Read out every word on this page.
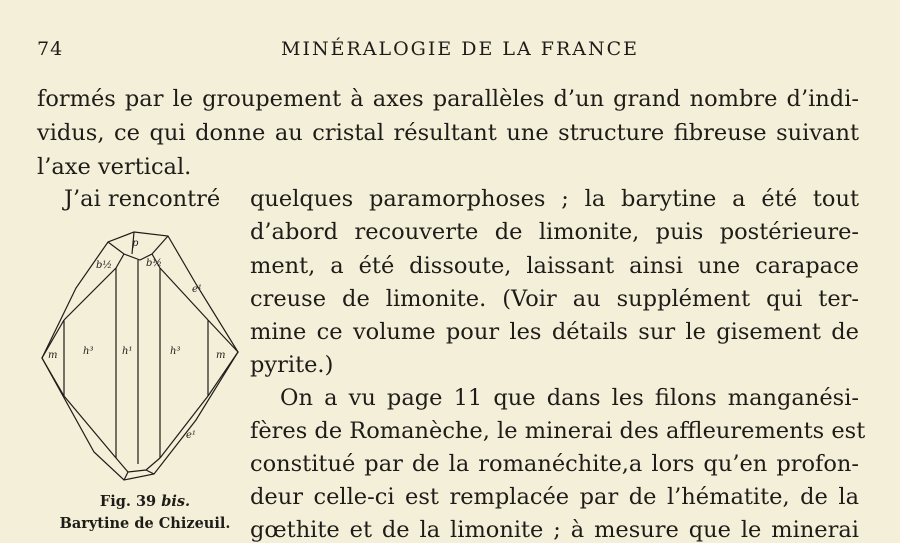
74	MINÉRALOGIE DE LA FRANCE
formés par le groupement à axes parallèles d’un grand nombre d’indi-
vidus, ce qui donne au cristal résultant une structure fibreuse suivant
l’axe vertical.
J’ai rencontré quelques paramorphoses ; la barytine a été tout
d’abord recouverte de limonite, puis postérieure-
ment, a été dissoute, laissant ainsi une carapace
creuse de limonite. (Voir au supplément qui ter-
mine ce volume pour les détails sur le gisement de
pyrite.)
On a vu page 11 que dans les filons manganési-
fères de Romanèche, le minerai des affleurements est
constitué par de la romanéchite,a lors qu’en profon-
deur celle-ci est remplacée par de l’hématite, de la
gœthite et de la limonite ; à mesure que le minerai
p
b½	b½
e¹
m	h³	h¹	h³	m
e¹
Fig. 39 bis.
Barytine de Chizeuil.
